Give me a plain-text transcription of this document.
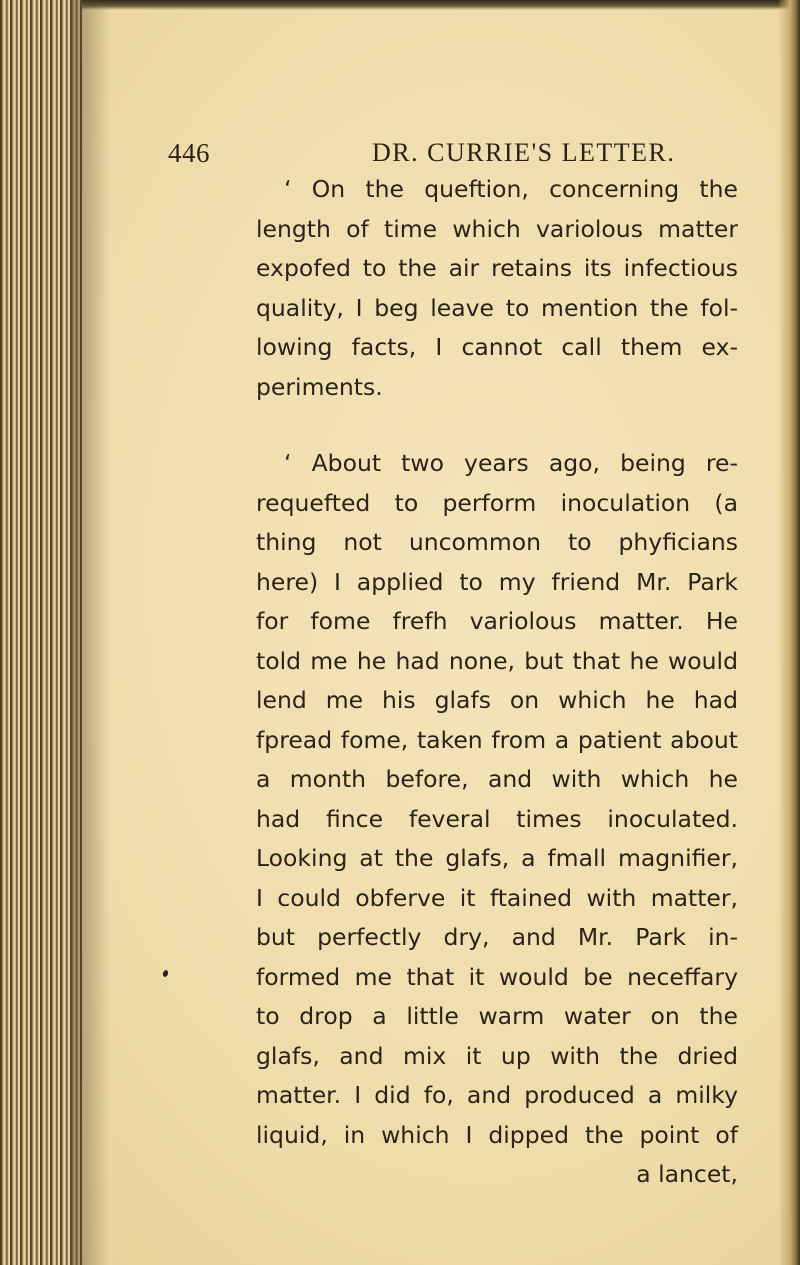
446	DR. CURRIE'S LETTER.
‘ On the queftion, concerning the
length of time which variolous matter
expofed to the air retains its infectious
quality, I beg leave to mention the fol-
lowing facts, I cannot call them ex-
periments.
‘ About two years ago, being re-
requefted to perform inoculation (a
thing not uncommon to phyficians
here) I applied to my friend Mr. Park
for fome frefh variolous matter. He
told me he had none, but that he would
lend me his glafs on which he had
fpread fome, taken from a patient about
a month before, and with which he
had fince feveral times inoculated.
Looking at the glafs, a fmall magnifier,
I could obferve it ftained with matter,
but perfectly dry, and Mr. Park in-
formed me that it would be neceffary
to drop a little warm water on the
glafs, and mix it up with the dried
matter. I did fo, and produced a milky
liquid, in which I dipped the point of
a lancet,
